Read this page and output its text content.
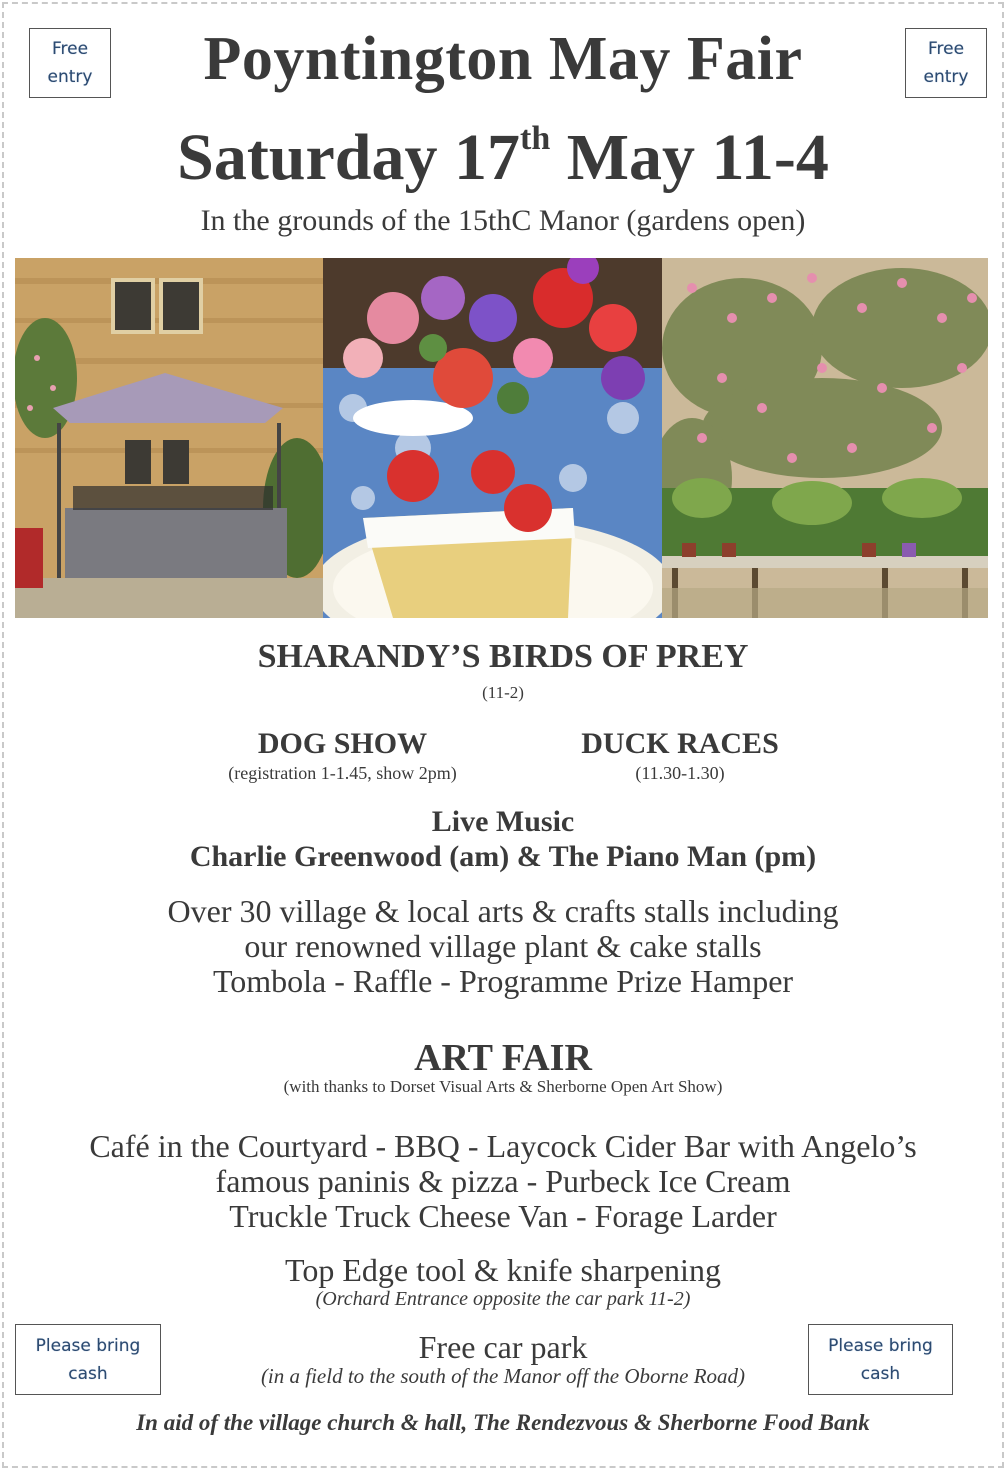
Free
entry
Free
entry
Poyntington May Fair
Saturday 17th May 11-4
In the grounds of the 15thC Manor (gardens open)
SHARANDY’S BIRDS OF PREY
(11-2)
DOG SHOW
(registration 1-1.45, show 2pm)
DUCK RACES
(11.30-1.30)
Live Music
Charlie Greenwood (am) & The Piano Man (pm)
Over 30 village & local arts & crafts stalls including
our renowned village plant & cake stalls
Tombola - Raffle - Programme Prize Hamper
ART FAIR
(with thanks to Dorset Visual Arts & Sherborne Open Art Show)
Café in the Courtyard - BBQ - Laycock Cider Bar with Angelo’s
famous paninis & pizza - Purbeck Ice Cream
Truckle Truck Cheese Van - Forage Larder
Top Edge tool & knife sharpening
(Orchard Entrance opposite the car park 11-2)
Please bring
cash
Please bring
cash
Free car park
(in a field to the south of the Manor off the Oborne Road)
In aid of the village church & hall, The Rendezvous & Sherborne Food Bank
